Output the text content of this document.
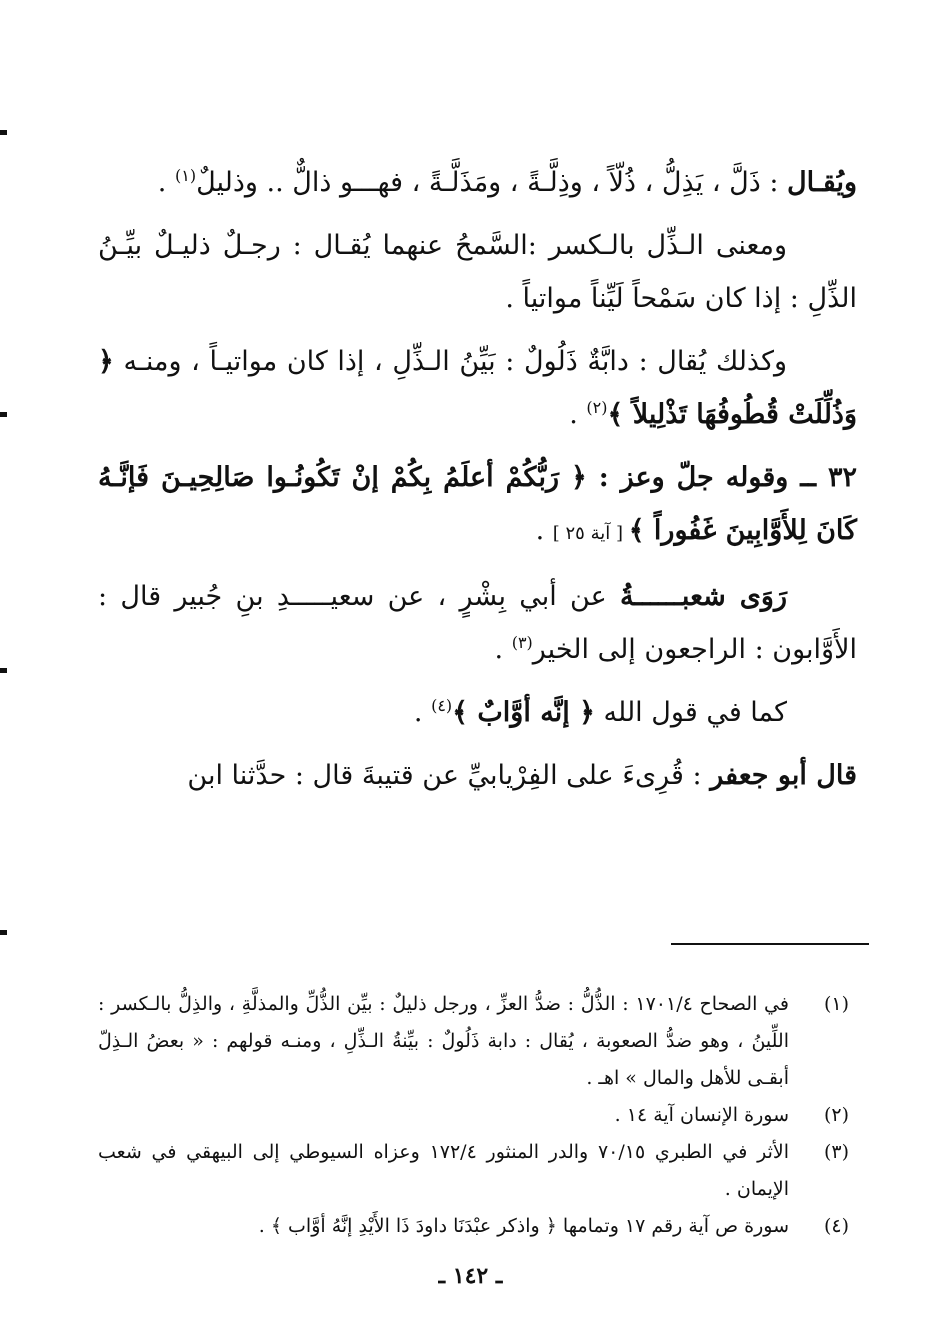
ويُقـال : ذَلَّ ، يَذِلُّ ، ذُلّاً ، وذِلَّـةً ، ومَذَلَّـةً ، فهـــو ذالٌّ .. وذليلٌ$^{(١)}$ .

ومعنى الـذِّل بالـكسر :السَّمحُ عنهما يُقـال : رجـلٌ ذليـلٌ بيِّـنُ الذِّلِ : إذا كان سَمْحاً لَيِّناً مواتياً .

وكذلك يُقال : دابَّةٌ ذَلُولٌ : بَيِّنُ الـذِّلِ ، إذا كان مواتيـاً ، ومنـه ﴿ وَذُلِّلَتْ قُطُوفُهَا تَذْلِيلاً ﴾$^{(٢)}$ .

٣٢ ــ وقوله جلّ وعز : ﴿ رَبُّكُمْ أعلَمُ بِكُمْ إنْ تَكُونُـوا صَالِحِيـنَ فَإنَّـهُ كَانَ لِلأَوَّابِينَ غَفُوراً ﴾ [ آية ٢٥ ] .

رَوَى شعبــــــةُ عن أبي بِشْرٍ ، عن سعيـــــدِ بنِ جُبير قال : الأَوَّابون : الراجعون إلى الخير$^{(٣)}$ .

كما في قول الله ﴿ إنَّه أوَّابٌ ﴾$^{(٤)}$ .

قال أبو جعفر : قُرِىءَ على الفِرْيابيِّ عن قتيبةَ قال : حدَّثنا ابن

(١)
في الصحاح ١٧٠١/٤ : الذُّلُّ : ضدُّ العزِّ ، ورجل ذليلٌ : بيِّن الذُّلِّ والمذلَّةِ ، والذِلُّ بالـكسر : اللِّينُ ، وهو ضدُّ الصعوبة ، يُقال : دابة ذَلُولٌ : بيِّنةُ الـذِّلِ ، ومنـه قولهم : « بعضُ الـذِلّ أبقـى للأهل والمال » اهـ .
(٢)
سورة الإنسان آية ١٤ .
(٣)
الأثر في الطبري ٧٠/١٥ والدر المنثور ١٧٢/٤ وعزاه السيوطي إلى البيهقي في شعب الإيمان .
(٤)
سورة ص آية رقم ١٧ وتمامها ﴿ واذكر عبْدَنَا داودَ ذَا الأَيْدِ إنَّهُ أوَّاب ﴾ .
ـ ١٤٢ ـ
